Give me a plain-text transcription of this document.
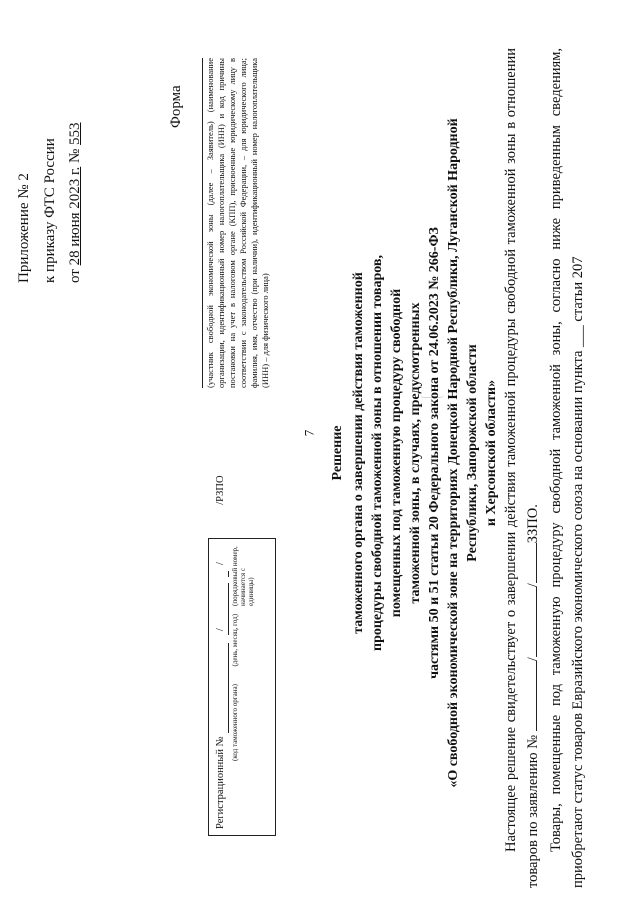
7
Приложение № 2 к приказу ФТС России от 28 июня 2023 г. № 553
Форма
Регистрационный №  /  /  /РЗПО
(код таможенного органа)  (день, месяц, год)
(порядковый номер, начинается с единицы)
(участник свободной экономической зоны (далее – Заявитель) (наименование организации, идентификационный номер налогоплательщика (ИНН) и код причины постановки на учет в налоговом органе (КПП), присвоенные юридическому лицу в соответствии с законодательством Российской Федерации, – для юридического лица; фамилия, имя, отчество (при наличии), идентификационный номер налогоплательщика (ИНН) – для физического лица)
Решение таможенного органа о завершении действия таможенной процедуры свободной таможенной зоны в отношении товаров, помещенных под таможенную процедуру свободной таможенной зоны, в случаях, предусмотренных частями 50 и 51 статьи 20 Федерального закона от 24.06.2023 № 266-ФЗ «О свободной экономической зоне на территориях Донецкой Народной Республики, Луганской Народной Республики, Запорожской области и Херсонской области» Настоящее решение свидетельствует о завершении действия таможенной процедуры свободной таможенной зоны в отношении товаров по заявлению № //ЗЗПО. Товары, помещенные под таможенную процедуру свободной таможенной зоны, согласно ниже приведенным сведениям, приобретают статус товаров Евразийского экономического союза на основании пункта ___ статьи 207
